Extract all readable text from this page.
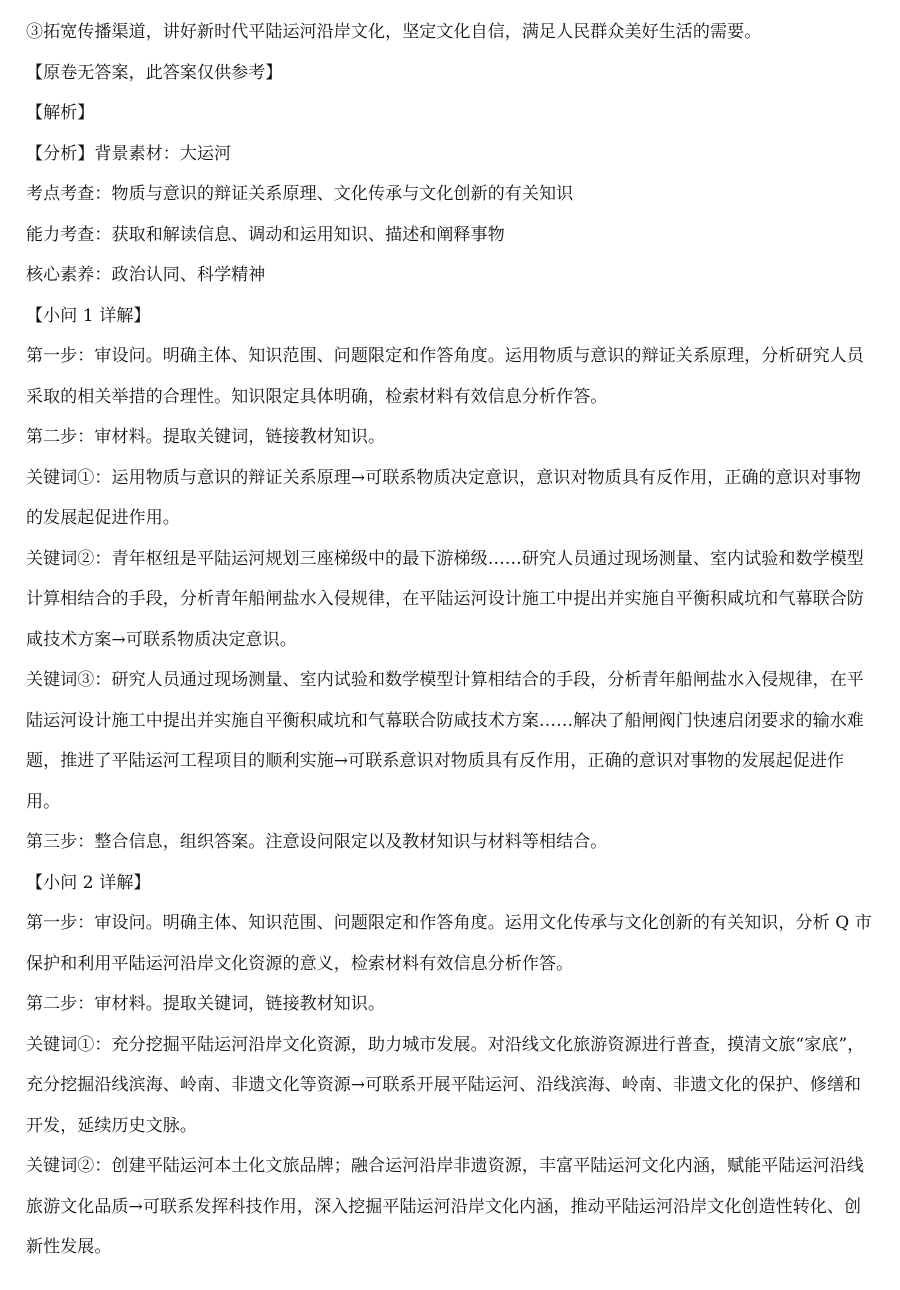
③拓宽传播渠道，讲好新时代平陆运河沿岸文化，坚定文化自信，满足人民群众美好生活的需要。

【原卷无答案，此答案仅供参考】

【解析】

【分析】背景素材：大运河

考点考查：物质与意识的辩证关系原理、文化传承与文化创新的有关知识

能力考查：获取和解读信息、调动和运用知识、描述和阐释事物

核心素养：政治认同、科学精神

【小问 1 详解】

第一步：审设问。明确主体、知识范围、问题限定和作答角度。运用物质与意识的辩证关系原理，分析研究人员采取的相关举措的合理性。知识限定具体明确，检索材料有效信息分析作答。

第二步：审材料。提取关键词，链接教材知识。

关键词①：运用物质与意识的辩证关系原理→可联系物质决定意识，意识对物质具有反作用，正确的意识对事物的发展起促进作用。

关键词②：青年枢纽是平陆运河规划三座梯级中的最下游梯级……研究人员通过现场测量、室内试验和数学模型计算相结合的手段，分析青年船闸盐水入侵规律，在平陆运河设计施工中提出并实施自平衡积咸坑和气幕联合防咸技术方案→可联系物质决定意识。

关键词③：研究人员通过现场测量、室内试验和数学模型计算相结合的手段，分析青年船闸盐水入侵规律，在平陆运河设计施工中提出并实施自平衡积咸坑和气幕联合防咸技术方案……解决了船闸阀门快速启闭要求的输水难题，推进了平陆运河工程项目的顺利实施→可联系意识对物质具有反作用，正确的意识对事物的发展起促进作用。

第三步：整合信息，组织答案。注意设问限定以及教材知识与材料等相结合。

【小问 2 详解】

第一步：审设问。明确主体、知识范围、问题限定和作答角度。运用文化传承与文化创新的有关知识，分析 Q 市保护和利用平陆运河沿岸文化资源的意义，检索材料有效信息分析作答。

第二步：审材料。提取关键词，链接教材知识。

关键词①：充分挖掘平陆运河沿岸文化资源，助力城市发展。对沿线文化旅游资源进行普查，摸清文旅“家底”，充分挖掘沿线滨海、岭南、非遗文化等资源→可联系开展平陆运河、沿线滨海、岭南、非遗文化的保护、修缮和开发，延续历史文脉。

关键词②：创建平陆运河本土化文旅品牌；融合运河沿岸非遗资源，丰富平陆运河文化内涵，赋能平陆运河沿线旅游文化品质→可联系发挥科技作用，深入挖掘平陆运河沿岸文化内涵，推动平陆运河沿岸文化创造性转化、创新性发展。
